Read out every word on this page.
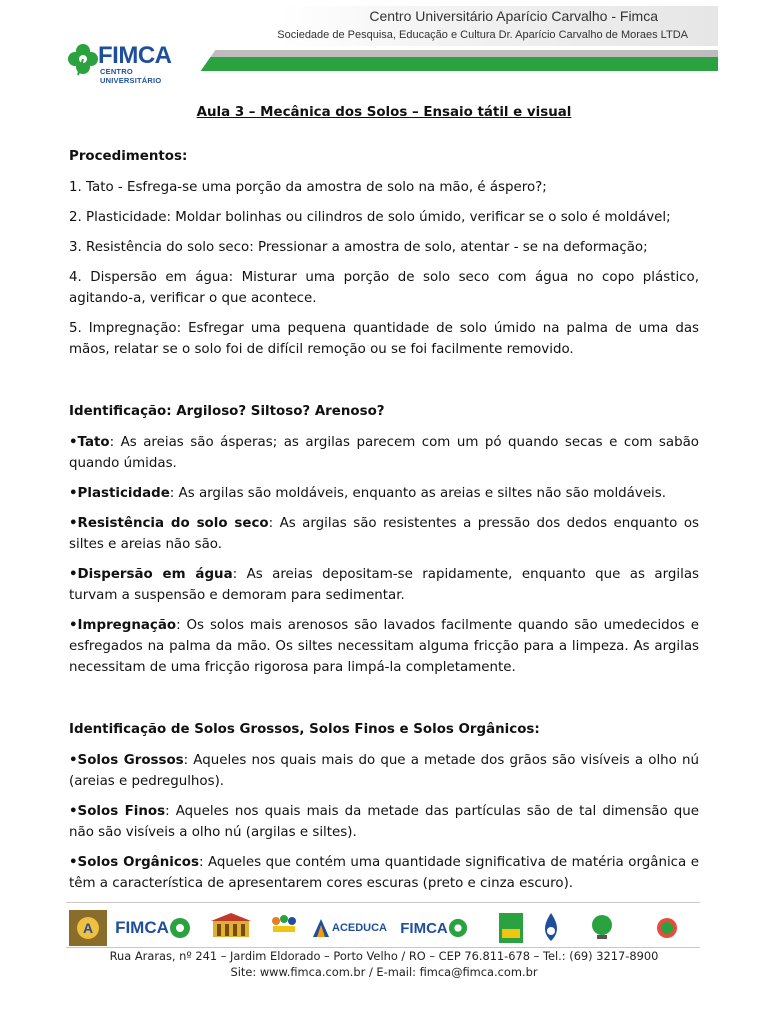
Centro Universitário Aparício Carvalho - Fimca
Sociedade de Pesquisa, Educação e Cultura Dr. Aparício Carvalho de Moraes LTDA
FIMCA
CENTRO UNIVERSITÁRIO
Aula 3 – Mecânica dos Solos – Ensaio tátil e visual
Procedimentos:
1. Tato - Esfrega-se uma porção da amostra de solo na mão, é áspero?;
2. Plasticidade: Moldar bolinhas ou cilindros de solo úmido, verificar se o solo é moldável;
3. Resistência do solo seco: Pressionar a amostra de solo, atentar - se na deformação;
4. Dispersão em água: Misturar uma porção de solo seco com água no copo plástico, agitando-a, verificar o que acontece.
5. Impregnação: Esfregar uma pequena quantidade de solo úmido na palma de uma das mãos, relatar se o solo foi de difícil remoção ou se foi facilmente removido.
Identificação: Argiloso? Siltoso? Arenoso?
•Tato: As areias são ásperas; as argilas parecem com um pó quando secas e com sabão quando úmidas.
•Plasticidade: As argilas são moldáveis, enquanto as areias e siltes não são moldáveis.
•Resistência do solo seco: As argilas são resistentes a pressão dos dedos enquanto os siltes e areias não são.
•Dispersão em água: As areias depositam-se rapidamente, enquanto que as argilas turvam a suspensão e demoram para sedimentar.
•Impregnação: Os solos mais arenosos são lavados facilmente quando são umedecidos e esfregados na palma da mão. Os siltes necessitam alguma fricção para a limpeza. As argilas necessitam de uma fricção rigorosa para limpá-la completamente.
Identificação de Solos Grossos, Solos Finos e Solos Orgânicos:
•Solos Grossos: Aqueles nos quais mais do que a metade dos grãos são visíveis a olho nú (areias e pedregulhos).
•Solos Finos: Aqueles nos quais mais da metade das partículas são de tal dimensão que não são visíveis a olho nú (argilas e siltes).
•Solos Orgânicos: Aqueles que contém uma quantidade significativa de matéria orgânica e têm a característica de apresentarem cores escuras (preto e cinza escuro).
A FIMCA	ACEDUCA FIMCA
Rua Araras, nº 241 – Jardim Eldorado – Porto Velho / RO – CEP 76.811-678 – Tel.: (69) 3217-8900
Site: www.fimca.com.br / E-mail: fimca@fimca.com.br
